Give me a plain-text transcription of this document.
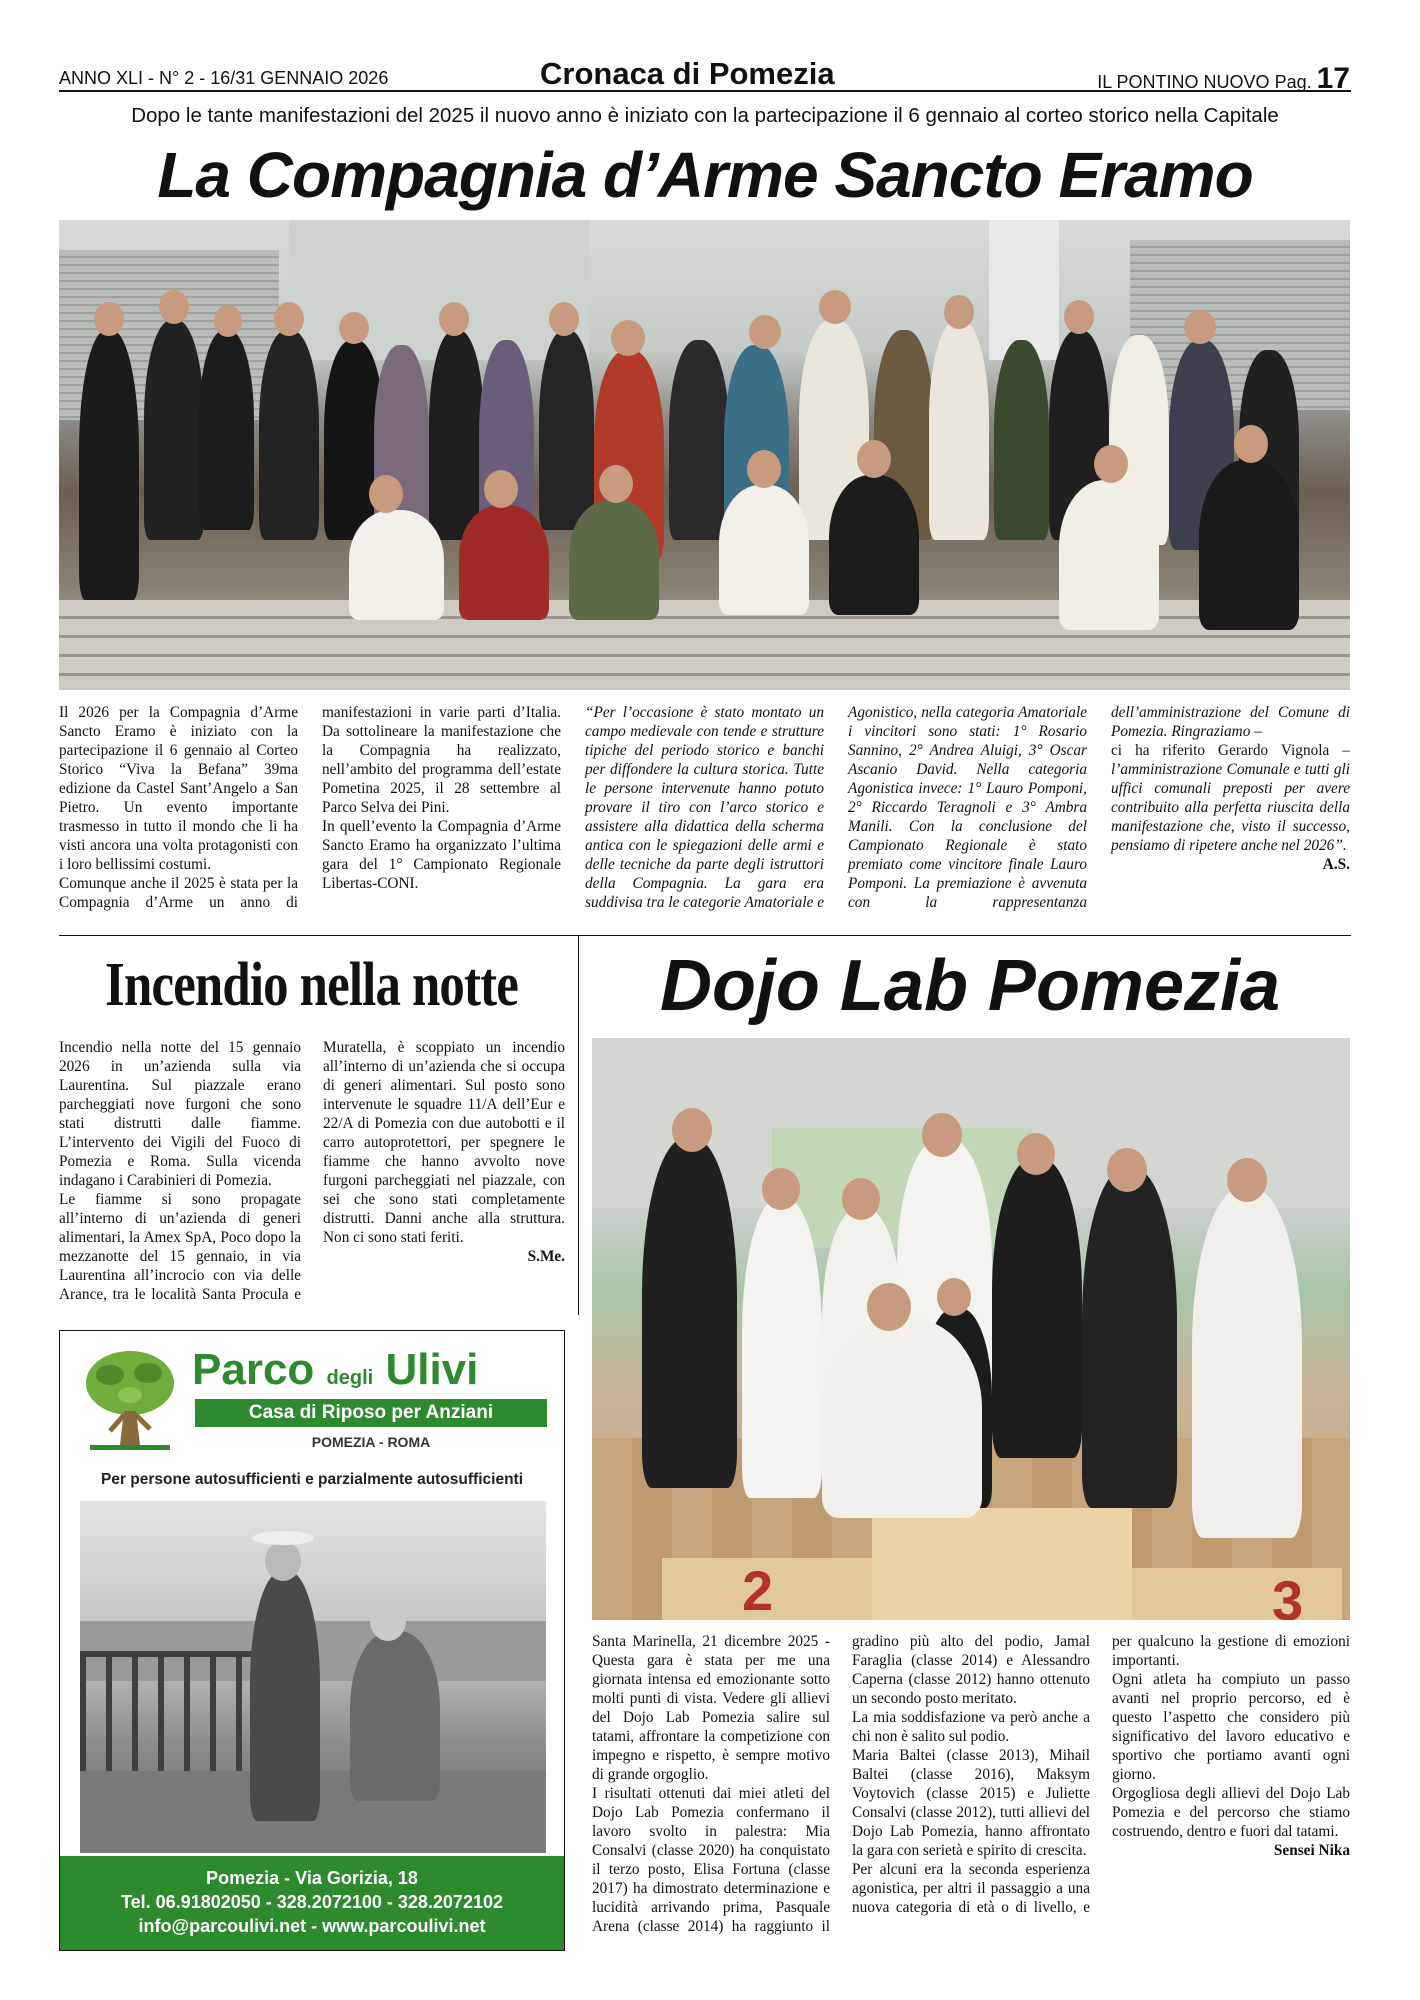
ANNO XLI - N° 2 - 16/31 GENNAIO 2026	Cronaca di Pomezia	IL PONTINO NUOVO Pag. 17
Dopo le tante manifestazioni del 2025 il nuovo anno è iniziato con la partecipazione il 6 gennaio al corteo storico nella Capitale
La Compagnia d’Arme Sancto Eramo

Il 2026 per la Compagnia d’Arme Sancto Eramo è iniziato con la partecipazione il 6 gennaio al Corteo Storico “Viva la Befana” 39ma edizione da Castel Sant’Angelo a San Pietro. Un evento importante trasmesso in tutto il mondo che li ha visti ancora una volta protagonisti con i loro bellissimi costumi.

Comunque anche il 2025 è stata per la Compagnia d’Arme un anno di manifestazioni in varie parti d’Italia. Da sottolineare la manifestazione che la Compagnia ha realizzato, nell’ambito del programma dell’estate Pometina 2025, il 28 settembre al Parco Selva dei Pini.

In quell’evento la Compagnia d’Arme Sancto Eramo ha organizzato l’ultima gara del 1° Campionato Regionale Libertas-CONI.

“Per l’occasione è stato montato un campo medievale con tende e strutture tipiche del periodo storico e banchi per diffondere la cultura storica. Tutte le persone intervenute hanno potuto provare il tiro con l’arco storico e assistere alla didattica della scherma antica con le spiegazioni delle armi e delle tecniche da parte degli istruttori della Compagnia. La gara era suddivisa tra le categorie Amatoriale e Agonistico, nella categoria Amatoriale i vincitori sono stati: 1° Rosario Sannino, 2° Andrea Aluigi, 3° Oscar Ascanio David. Nella categoria Agonistica invece: 1° Lauro Pomponi, 2° Riccardo Teragnoli e 3° Ambra Manili. Con la conclusione del Campionato Regionale è stato premiato come vincitore finale Lauro Pomponi. La premiazione è avvenuta con la rappresentanza dell’amministrazione del Comune di Pomezia. Ringraziamo –

ci ha riferito Gerardo Vignola – l’amministrazione Comunale e tutti gli uffici comunali preposti per avere contribuito alla perfetta riuscita della manifestazione che, visto il successo, pensiamo di ripetere anche nel 2026”.

A.S.

Incendio nella notte

Incendio nella notte del 15 gennaio 2026 in un’azienda sulla via Laurentina. Sul piazzale erano parcheggiati nove furgoni che sono stati distrutti dalle fiamme. L’intervento dei Vigili del Fuoco di Pomezia e Roma. Sulla vicenda indagano i Carabinieri di Pomezia.

Le fiamme si sono propagate all’interno di un’azienda di generi alimentari, la Amex SpA, Poco dopo la mezzanotte del 15 gennaio, in via Laurentina all’incrocio con via delle Arance, tra le località Santa Procula e Muratella, è scoppiato un incendio all’interno di un’azienda che si occupa di generi alimentari. Sul posto sono intervenute le squadre 11/A dell’Eur e 22/A di Pomezia con due autobotti e il carro autoprotettori, per spegnere le fiamme che hanno avvolto nove furgoni parcheggiati nel piazzale, con sei che sono stati completamente distrutti. Danni anche alla struttura. Non ci sono stati feriti.

S.Me.

Dojo Lab Pomezia
2	3

Santa Marinella, 21 dicembre 2025 - Questa gara è stata per me una giornata intensa ed emozionante sotto molti punti di vista. Vedere gli allievi del Dojo Lab Pomezia salire sul tatami, affrontare la competizione con impegno e rispetto, è sempre motivo di grande orgoglio.

I risultati ottenuti dai miei atleti del Dojo Lab Pomezia confermano il lavoro svolto in palestra: Mia Consalvi (classe 2020) ha conquistato il terzo posto, Elisa Fortuna (classe 2017) ha dimostrato determinazione e lucidità arrivando prima, Pasquale Arena (classe 2014) ha raggiunto il gradino più alto del podio, Jamal Faraglia (classe 2014) e Alessandro Caperna (classe 2012) hanno ottenuto un secondo posto meritato.

La mia soddisfazione va però anche a chi non è salito sul podio.

Maria Baltei (classe 2013), Mihail Baltei (classe 2016), Maksym Voytovich (classe 2015) e Juliette Consalvi (classe 2012), tutti allievi del Dojo Lab Pomezia, hanno affrontato la gara con serietà e spirito di crescita.

Per alcuni era la seconda esperienza agonistica, per altri il passaggio a una nuova categoria di età o di livello, e per qualcuno la gestione di emozioni importanti.

Ogni atleta ha compiuto un passo avanti nel proprio percorso, ed è questo l’aspetto che considero più significativo del lavoro educativo e sportivo che portiamo avanti ogni giorno.

Orgogliosa degli allievi del Dojo Lab Pomezia e del percorso che stiamo costruendo, dentro e fuori dal tatami.

Sensei Nika

Parco degli Ulivi
Casa di Riposo per Anziani
POMEZIA - ROMA
Per persone autosufficienti e parzialmente autosufficienti
Pomezia - Via Gorizia, 18
Tel. 06.91802050 - 328.2072100 - 328.2072102
info@parcoulivi.net - www.parcoulivi.net
